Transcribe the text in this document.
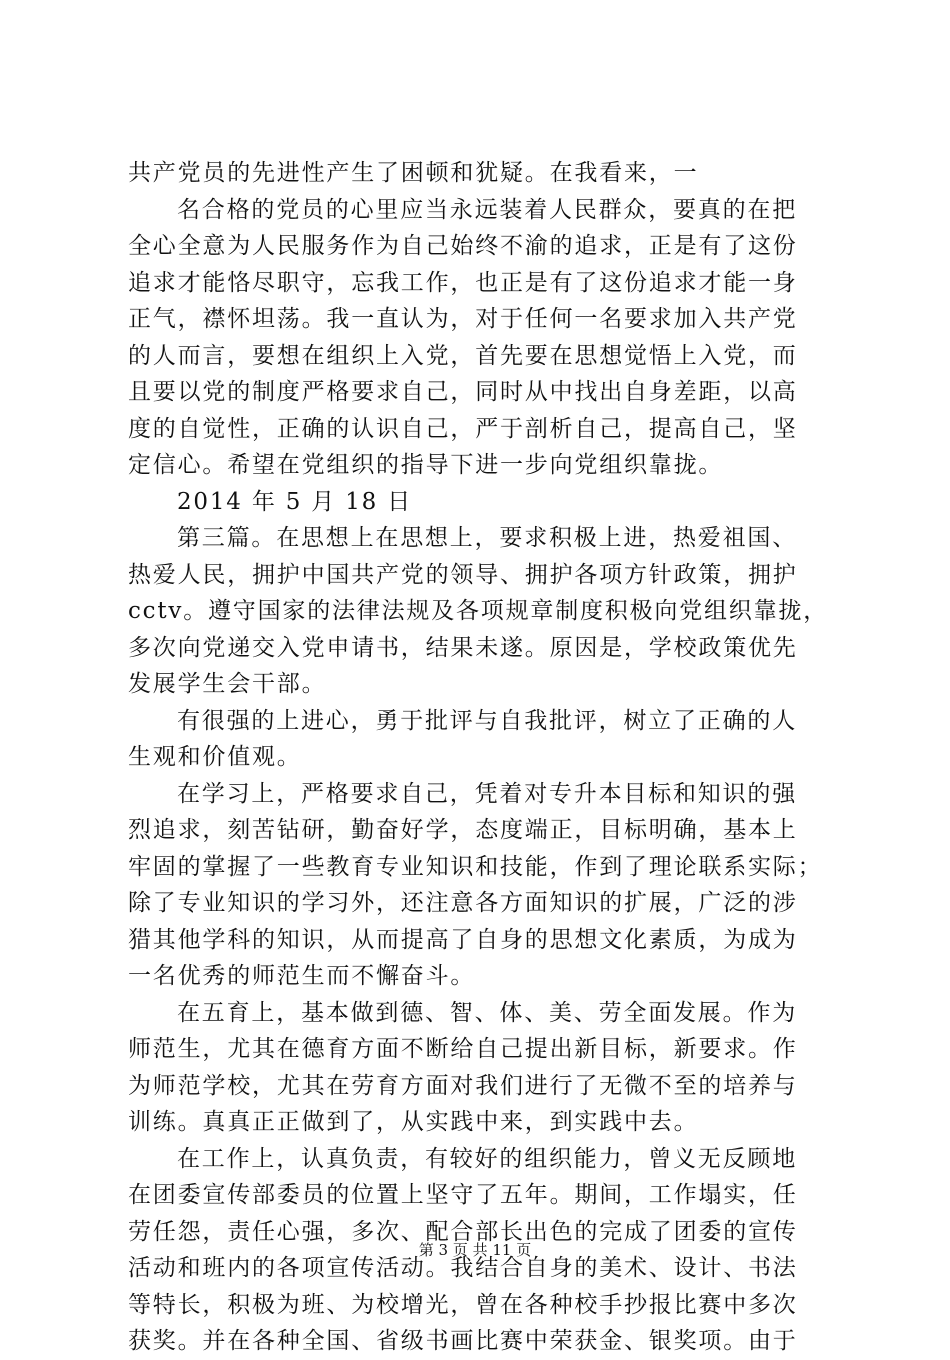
共产党员的先进性产生了困顿和犹疑。在我看来，一
名合格的党员的心里应当永远装着人民群众，要真的在把
全心全意为人民服务作为自己始终不渝的追求，正是有了这份
追求才能恪尽职守，忘我工作，也正是有了这份追求才能一身
正气，襟怀坦荡。我一直认为，对于任何一名要求加入共产党
的人而言，要想在组织上入党，首先要在思想觉悟上入党，而
且要以党的制度严格要求自己，同时从中找出自身差距，以高
度的自觉性，正确的认识自己，严于剖析自己，提高自己，坚
定信心。希望在党组织的指导下进一步向党组织靠拢。
2014 年 5 月 18 日
第三篇。在思想上在思想上，要求积极上进，热爱祖国、
热爱人民，拥护中国共产党的领导、拥护各项方针政策，拥护
cctv。遵守国家的法律法规及各项规章制度积极向党组织靠拢，
多次向党递交入党申请书，结果未遂。原因是，学校政策优先
发展学生会干部。
有很强的上进心，勇于批评与自我批评，树立了正确的人
生观和价值观。
在学习上，严格要求自己，凭着对专升本目标和知识的强
烈追求，刻苦钻研，勤奋好学，态度端正，目标明确，基本上
牢固的掌握了一些教育专业知识和技能，作到了理论联系实际；
除了专业知识的学习外，还注意各方面知识的扩展，广泛的涉
猎其他学科的知识，从而提高了自身的思想文化素质，为成为
一名优秀的师范生而不懈奋斗。
在五育上，基本做到德、智、体、美、劳全面发展。作为
师范生，尤其在德育方面不断给自己提出新目标，新要求。作
为师范学校，尤其在劳育方面对我们进行了无微不至的培养与
训练。真真正正做到了，从实践中来，到实践中去。
在工作上，认真负责，有较好的组织能力，曾义无反顾地
在团委宣传部委员的位置上坚守了五年。期间，工作塌实，任
劳任怨，责任心强，多次、配合部长出色的完成了团委的宣传
活动和班内的各项宣传活动。我结合自身的美术、设计、书法
等特长，积极为班、为校增光，曾在各种校手抄报比赛中多次
获奖。并在各种全国、省级书画比赛中荣获金、银奖项。由于
第 3 页 共 11 页
